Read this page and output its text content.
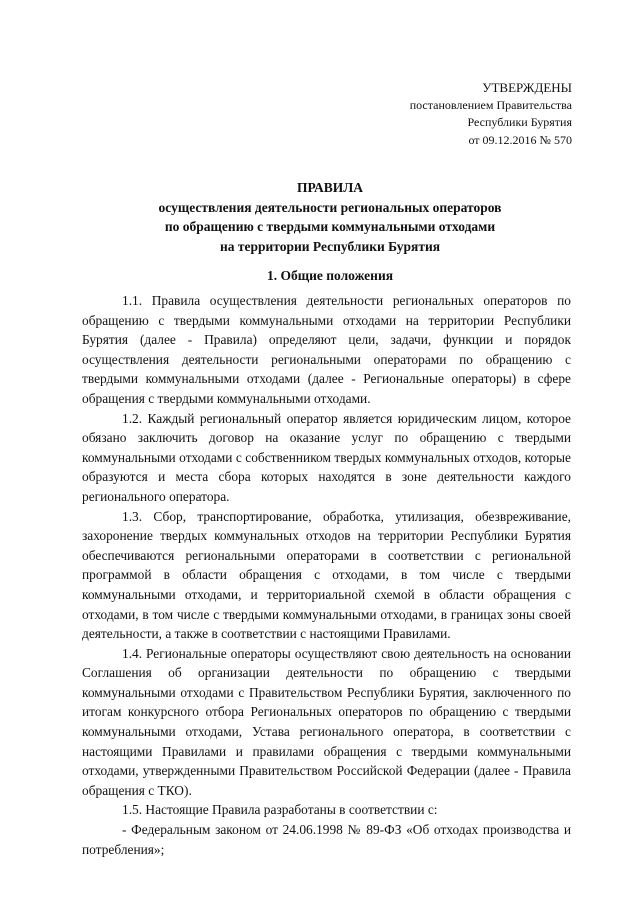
УТВЕРЖДЕНЫ
постановлением Правительства
Республики Бурятия
от 09.12.2016 № 570
ПРАВИЛА
осуществления деятельности региональных операторов
по обращению с твердыми коммунальными отходами
на территории Республики Бурятия
1. Общие положения

1.1. Правила осуществления деятельности региональных операторов по обращению с твердыми коммунальными отходами на территории Республики Бурятия (далее - Правила) определяют цели, задачи, функции и порядок осуществления деятельности региональными операторами по обращению с твердыми коммунальными отходами (далее - Региональные операторы) в сфере обращения с твердыми коммунальными отходами.

1.2. Каждый региональный оператор является юридическим лицом, которое обязано заключить договор на оказание услуг по обращению с твердыми коммунальными отходами с собственником твердых коммунальных отходов, которые образуются и места сбора которых находятся в зоне деятельности каждого регионального оператора.

1.3. Сбор, транспортирование, обработка, утилизация, обезвреживание, захоронение твердых коммунальных отходов на территории Республики Бурятия обеспечиваются региональными операторами в соответствии с региональной программой в области обращения с отходами, в том числе с твердыми коммунальными отходами, и территориальной схемой в области обращения с отходами, в том числе с твердыми коммунальными отходами, в границах зоны своей деятельности, а также в соответствии с настоящими Правилами.

1.4. Региональные операторы осуществляют свою деятельность на основании Соглашения об организации деятельности по обращению с твердыми коммунальными отходами с Правительством Республики Бурятия, заключенного по итогам конкурсного отбора Региональных операторов по обращению с твердыми коммунальными отходами, Устава регионального оператора, в соответствии с настоящими Правилами и правилами обращения с твердыми коммунальными отходами, утвержденными Правительством Российской Федерации (далее - Правила обращения с ТКО).

1.5. Настоящие Правила разработаны в соответствии с:

- Федеральным законом от 24.06.1998 № 89-ФЗ «Об отходах производства и потребления»;
